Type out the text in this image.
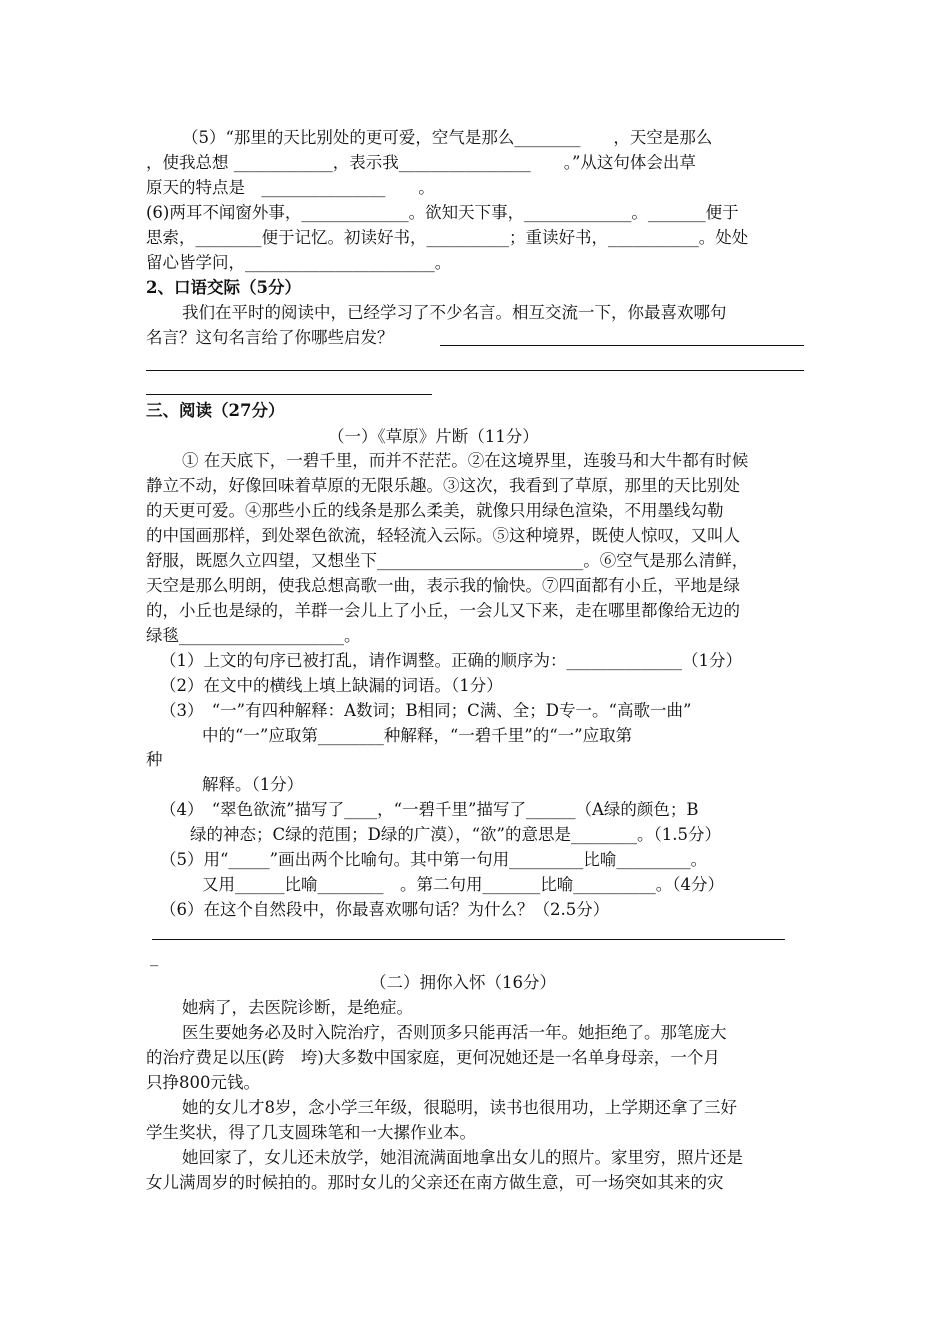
（5）“那里的天比别处的更可爱，空气是那么________　　，天空是那么
，使我总想 ____________，表示我________________　　。”从这句体会出草
原天的特点是　_______________　　。
(6)两耳不闻窗外事，_____________。欲知天下事，_____________。_______便于
思索，________便于记忆。初读好书，__________；重读好书，___________。处处
留心皆学问，_______________________。
2、口语交际（5分）
我们在平时的阅读中，已经学习了不少名言。相互交流一下，你最喜欢哪句
名言？这句名言给了你哪些启发？
三、阅读（27分）
（一）《草原》片断（11分）
① 在天底下，一碧千里，而并不茫茫。②在这境界里，连骏马和大牛都有时候
静立不动，好像回味着草原的无限乐趣。③这次，我看到了草原，那里的天比别处
的天更可爱。④那些小丘的线条是那么柔美，就像只用绿色渲染，不用墨线勾勒
的中国画那样，到处翠色欲流，轻轻流入云际。⑤这种境界，既使人惊叹，又叫人
舒服，既愿久立四望，又想坐下_________________________。⑥空气是那么清鲜，
天空是那么明朗，使我总想高歌一曲，表示我的愉快。⑦四面都有小丘，平地是绿
的，小丘也是绿的，羊群一会儿上了小丘，一会儿又下来，走在哪里都像给无边的
绿毯____________________。
（1）上文的句序已被打乱，请作调整。正确的顺序为：______________（1分）
（2）在文中的横线上填上缺漏的词语。（1分）
（3）　“一”有四种解释：A数词；B相同；C满、全；D专一。“高歌一曲”
中的“一”应取第________种解释，“一碧千里”的“一”应取第
种
解释。（1分）
（4）　“翠色欲流”描写了____，“一碧千里”描写了______（A绿的颜色；B
绿的神态；C绿的范围；D绿的广漠），“欲”的意思是________。（1.5分）
（5）用“_____”画出两个比喻句。其中第一句用_________比喻_________。
又用______比喻________　。第二句用_______比喻__________。（4分）
（6）在这个自然段中，你最喜欢哪句话？为什么？（2.5分）
_
（二）拥你入怀（16分）
她病了，去医院诊断，是绝症。
医生要她务必及时入院治疗，否则顶多只能再活一年。她拒绝了。那笔庞大
的治疗费足以压(跨　垮)大多数中国家庭，更何况她还是一名单身母亲，一个月
只挣800元钱。
她的女儿才8岁，念小学三年级，很聪明，读书也很用功，上学期还拿了三好
学生奖状，得了几支圆珠笔和一大摞作业本。
她回家了，女儿还未放学，她泪流满面地拿出女儿的照片。家里穷，照片还是
女儿满周岁的时候拍的。那时女儿的父亲还在南方做生意，可一场突如其来的灾
